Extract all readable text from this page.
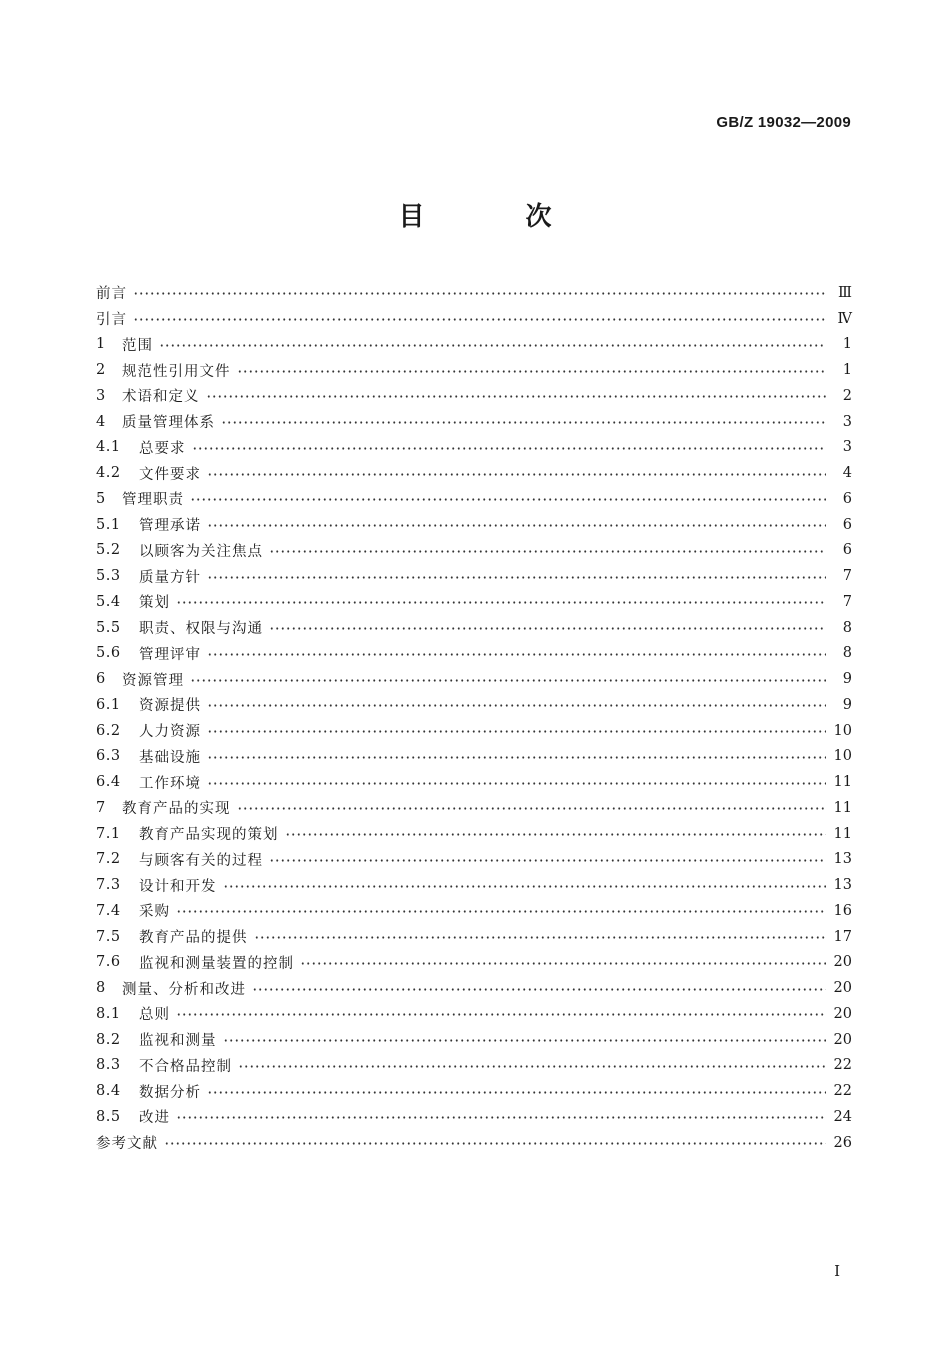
GB/Z 19032—2009
目 次
前言	Ⅲ
引言	Ⅳ
1	范围	1
2	规范性引用文件	1
3	术语和定义	2
4	质量管理体系	3
4.1	总要求	3
4.2	文件要求	4
5	管理职责	6
5.1	管理承诺	6
5.2	以顾客为关注焦点	6
5.3	质量方针	7
5.4	策划	7
5.5	职责、权限与沟通	8
5.6	管理评审	8
6	资源管理	9
6.1	资源提供	9
6.2	人力资源	10
6.3	基础设施	10
6.4	工作环境	11
7	教育产品的实现	11
7.1	教育产品实现的策划	11
7.2	与顾客有关的过程	13
7.3	设计和开发	13
7.4	采购	16
7.5	教育产品的提供	17
7.6	监视和测量装置的控制	20
8	测量、分析和改进	20
8.1	总则	20
8.2	监视和测量	20
8.3	不合格品控制	22
8.4	数据分析	22
8.5	改进	24
参考文献	26
I
